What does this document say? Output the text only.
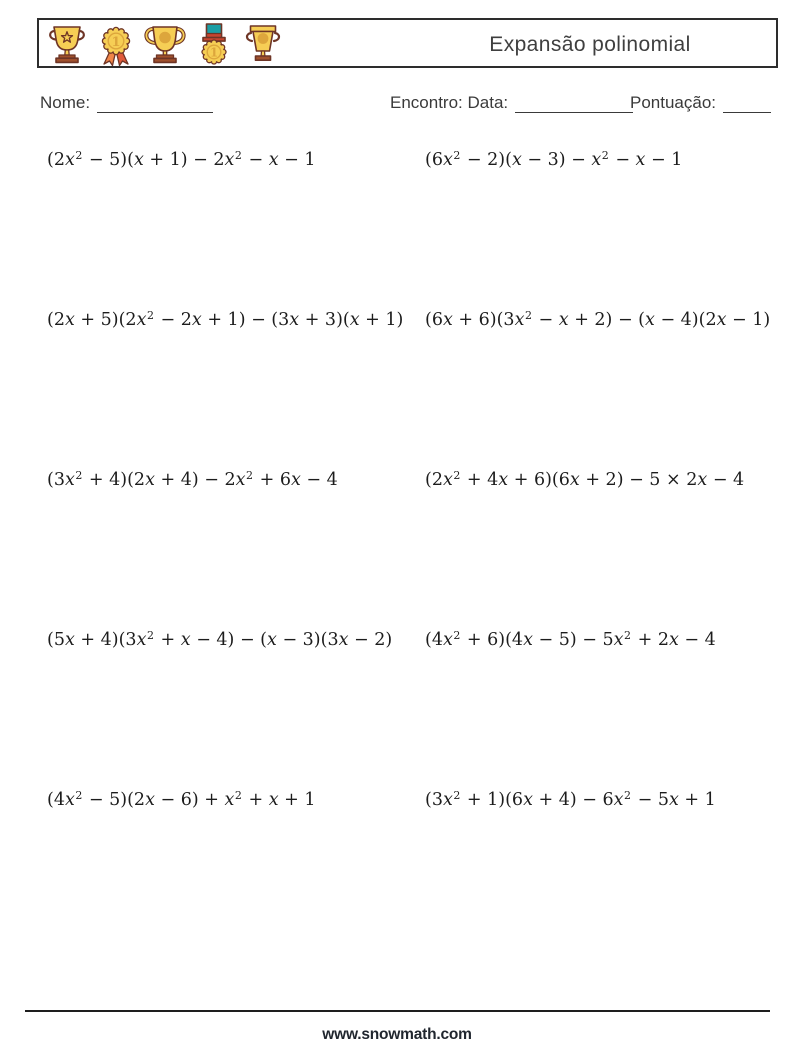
1
1	Expansão polinomial
Nome:	Encontro: Data:	Pontuação:
$(2x^2 - 5)(x + 1) - 2x^2 - x - 1$	$(6x^2 - 2)(x - 3) - x^2 - x - 1$
$(2x + 5)(2x^2 - 2x + 1) - (3x + 3)(x + 1)$ $(6x + 6)(3x^2 - x + 2) - (x - 4)(2x - 1)$
$(3x^2 + 4)(2x + 4) - 2x^2 + 6x - 4$	$(2x^2 + 4x + 6)(6x + 2) - 5 \times 2x - 4$
$(5x + 4)(3x^2 + x - 4) - (x - 3)(3x - 2)$ $(4x^2 + 6)(4x - 5) - 5x^2 + 2x - 4$
$(4x^2 - 5)(2x - 6) + x^2 + x + 1$	$(3x^2 + 1)(6x + 4) - 6x^2 - 5x + 1$
www.snowmath.com
